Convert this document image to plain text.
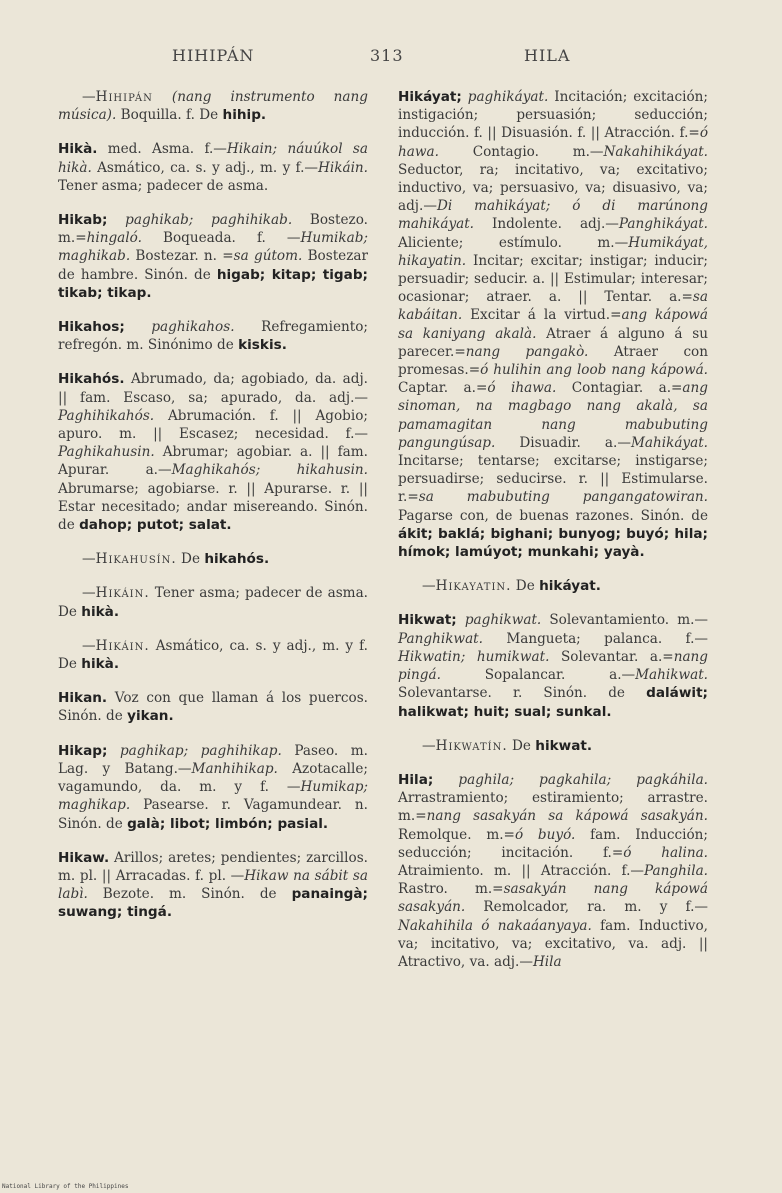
HIHIPÁN	313	HILA

—Hihipán (nang instrumento nang música). Boquilla. f. De hihip.

Hikà. med. Asma. f.—Hikain; náuúkol sa hikà. Asmático, ca. s. y adj., m. y f.—Hikáin. Tener asma; padecer de asma.

Hikab; paghikab; paghihikab. Bostezo. m.=hingaló. Boqueada. f. —Humikab; maghikab. Bostezar. n. =sa gútom. Bostezar de hambre. Sinón. de higab; kitap; tigab; tikab; tikap.

Hikahos; paghikahos. Refregamiento; refregón. m. Sinónimo de kiskis.

Hikahós. Abrumado, da; agobiado, da. adj. || fam. Escaso, sa; apurado, da. adj.—Paghihikahós. Abrumación. f. || Agobio; apuro. m. || Escasez; necesidad. f.—Paghikahusin. Abrumar; agobiar. a. || fam. Apurar. a.—Maghikahós; hikahusin. Abrumarse; agobiarse. r. || Apurarse. r. || Estar necesitado; andar misereando. Sinón. de dahop; putot; salat.

—Hikahusín. De hikahós.

—Hikáin. Tener asma; padecer de asma. De hikà.

—Hikáin. Asmático, ca. s. y adj., m. y f. De hikà.

Hikan. Voz con que llaman á los puercos. Sinón. de yikan.

Hikap; paghikap; paghihikap. Paseo. m. Lag. y Batang.—Manhihikap. Azotacalle; vagamundo, da. m. y f. —Humikap; maghikap. Pasearse. r. Vagamundear. n. Sinón. de galà; libot; limbón; pasial.

Hikaw. Arillos; aretes; pendientes; zarcillos. m. pl. || Arracadas. f. pl. —Hikaw na sábit sa labì. Bezote. m. Sinón. de panaingà; suwang; tingá.

Hikáyat; paghikáyat. Incitación; excitación; instigación; persuasión; seducción; inducción. f. || Disuasión. f. || Atracción. f.=ó hawa. Contagio. m.—Nakahihikáyat. Seductor, ra; incitativo, va; excitativo; inductivo, va; persuasivo, va; disuasivo, va; adj.—Di mahikáyat; ó di marúnong mahikáyat. Indolente. adj.—Panghikáyat. Aliciente; estímulo. m.—Humikáyat, hikayatin. Incitar; excitar; instigar; inducir; persuadir; seducir. a. || Estimular; interesar; ocasionar; atraer. a. || Tentar. a.=sa kabáitan. Excitar á la virtud.=ang kápowá sa kaniyang akalà. Atraer á alguno á su parecer.=nang pangakò. Atraer con promesas.=ó hulihin ang loob nang kápowá. Captar. a.=ó ihawa. Contagiar. a.=ang sinoman, na magbago nang akalà, sa pamamagitan nang mabubuting pangungúsap. Disuadir. a.—Mahikáyat. Incitarse; tentarse; excitarse; instigarse; persuadirse; seducirse. r. || Estimularse. r.=sa mabubuting pangangatowiran. Pagarse con, de buenas razones. Sinón. de ákit; baklá; bighani; bunyog; buyó; hila; hímok; lamúyot; munkahi; yayà.

—Hikayatin. De hikáyat.

Hikwat; paghikwat. Solevantamiento. m.—Panghikwat. Mangueta; palanca. f.—Hikwatin; humikwat. Solevantar. a.=nang pingá. Sopalancar. a.—Mahikwat. Solevantarse. r. Sinón. de daláwit; halikwat; huit; sual; sunkal.

—Hikwatín. De hikwat.

Hila; paghila; pagkahila; pagkáhila. Arrastramiento; estiramiento; arrastre. m.=nang sasakyán sa kápowá sasakyán. Remolque. m.=ó buyó. fam. Inducción; seducción; incitación. f.=ó halina. Atraimiento. m. || Atracción. f.—Panghila. Rastro. m.=sasakyán nang kápowá sasakyán. Remolcador, ra. m. y f.—Nakahihila ó nakaáanyaya. fam. Inductivo, va; incitativo, va; excitativo, va. adj. || Atractivo, va. adj.—Hila

National Library of the Philippines
